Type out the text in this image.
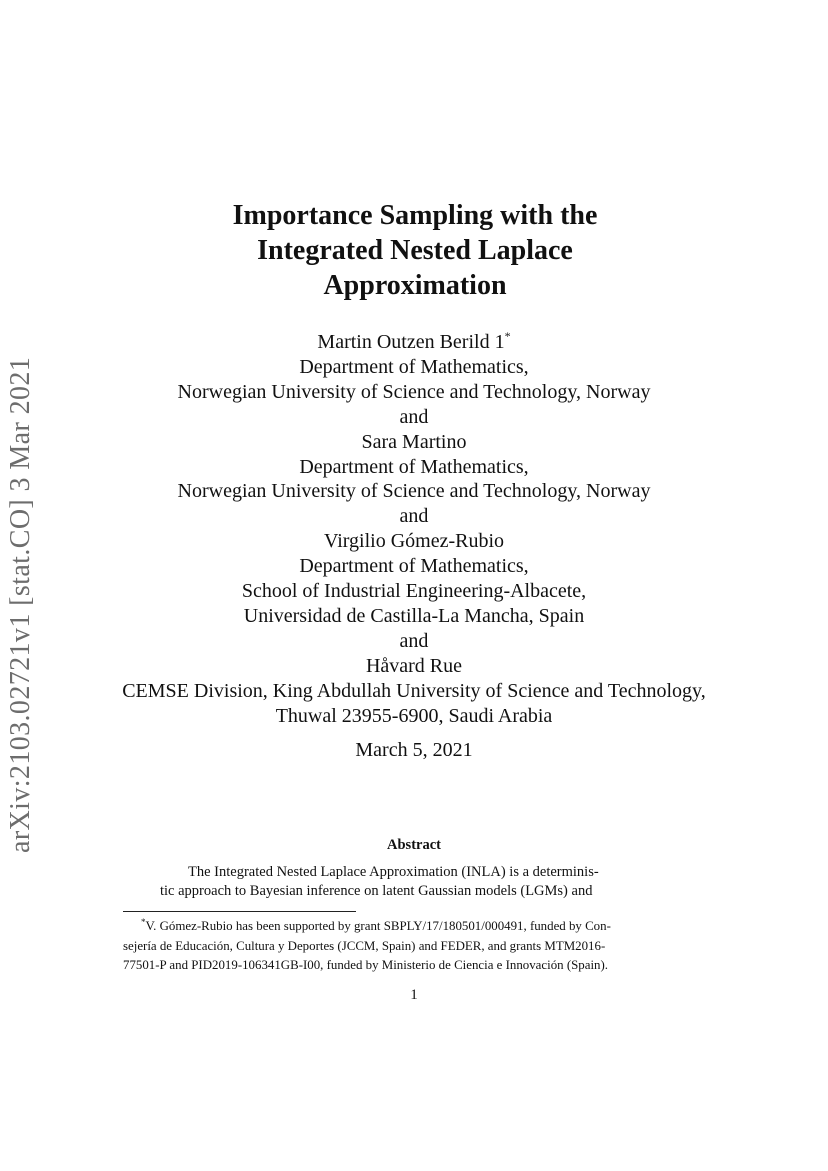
arXiv:2103.02721v1 [stat.CO] 3 Mar 2021
Importance Sampling with the
Integrated Nested Laplace
Approximation
Martin Outzen Berild 1*
Department of Mathematics,
Norwegian University of Science and Technology, Norway
and
Sara Martino
Department of Mathematics,
Norwegian University of Science and Technology, Norway
and
Virgilio Gómez-Rubio
Department of Mathematics,
School of Industrial Engineering-Albacete,
Universidad de Castilla-La Mancha, Spain
and
Håvard Rue
CEMSE Division, King Abdullah University of Science and Technology,
Thuwal 23955-6900, Saudi Arabia
March 5, 2021
Abstract
The Integrated Nested Laplace Approximation (INLA) is a determinis-
tic approach to Bayesian inference on latent Gaussian models (LGMs) and
*V. Gómez-Rubio has been supported by grant SBPLY/17/180501/000491, funded by Con-
sejería de Educación, Cultura y Deportes (JCCM, Spain) and FEDER, and grants MTM2016-
77501-P and PID2019-106341GB-I00, funded by Ministerio de Ciencia e Innovación (Spain).
1
